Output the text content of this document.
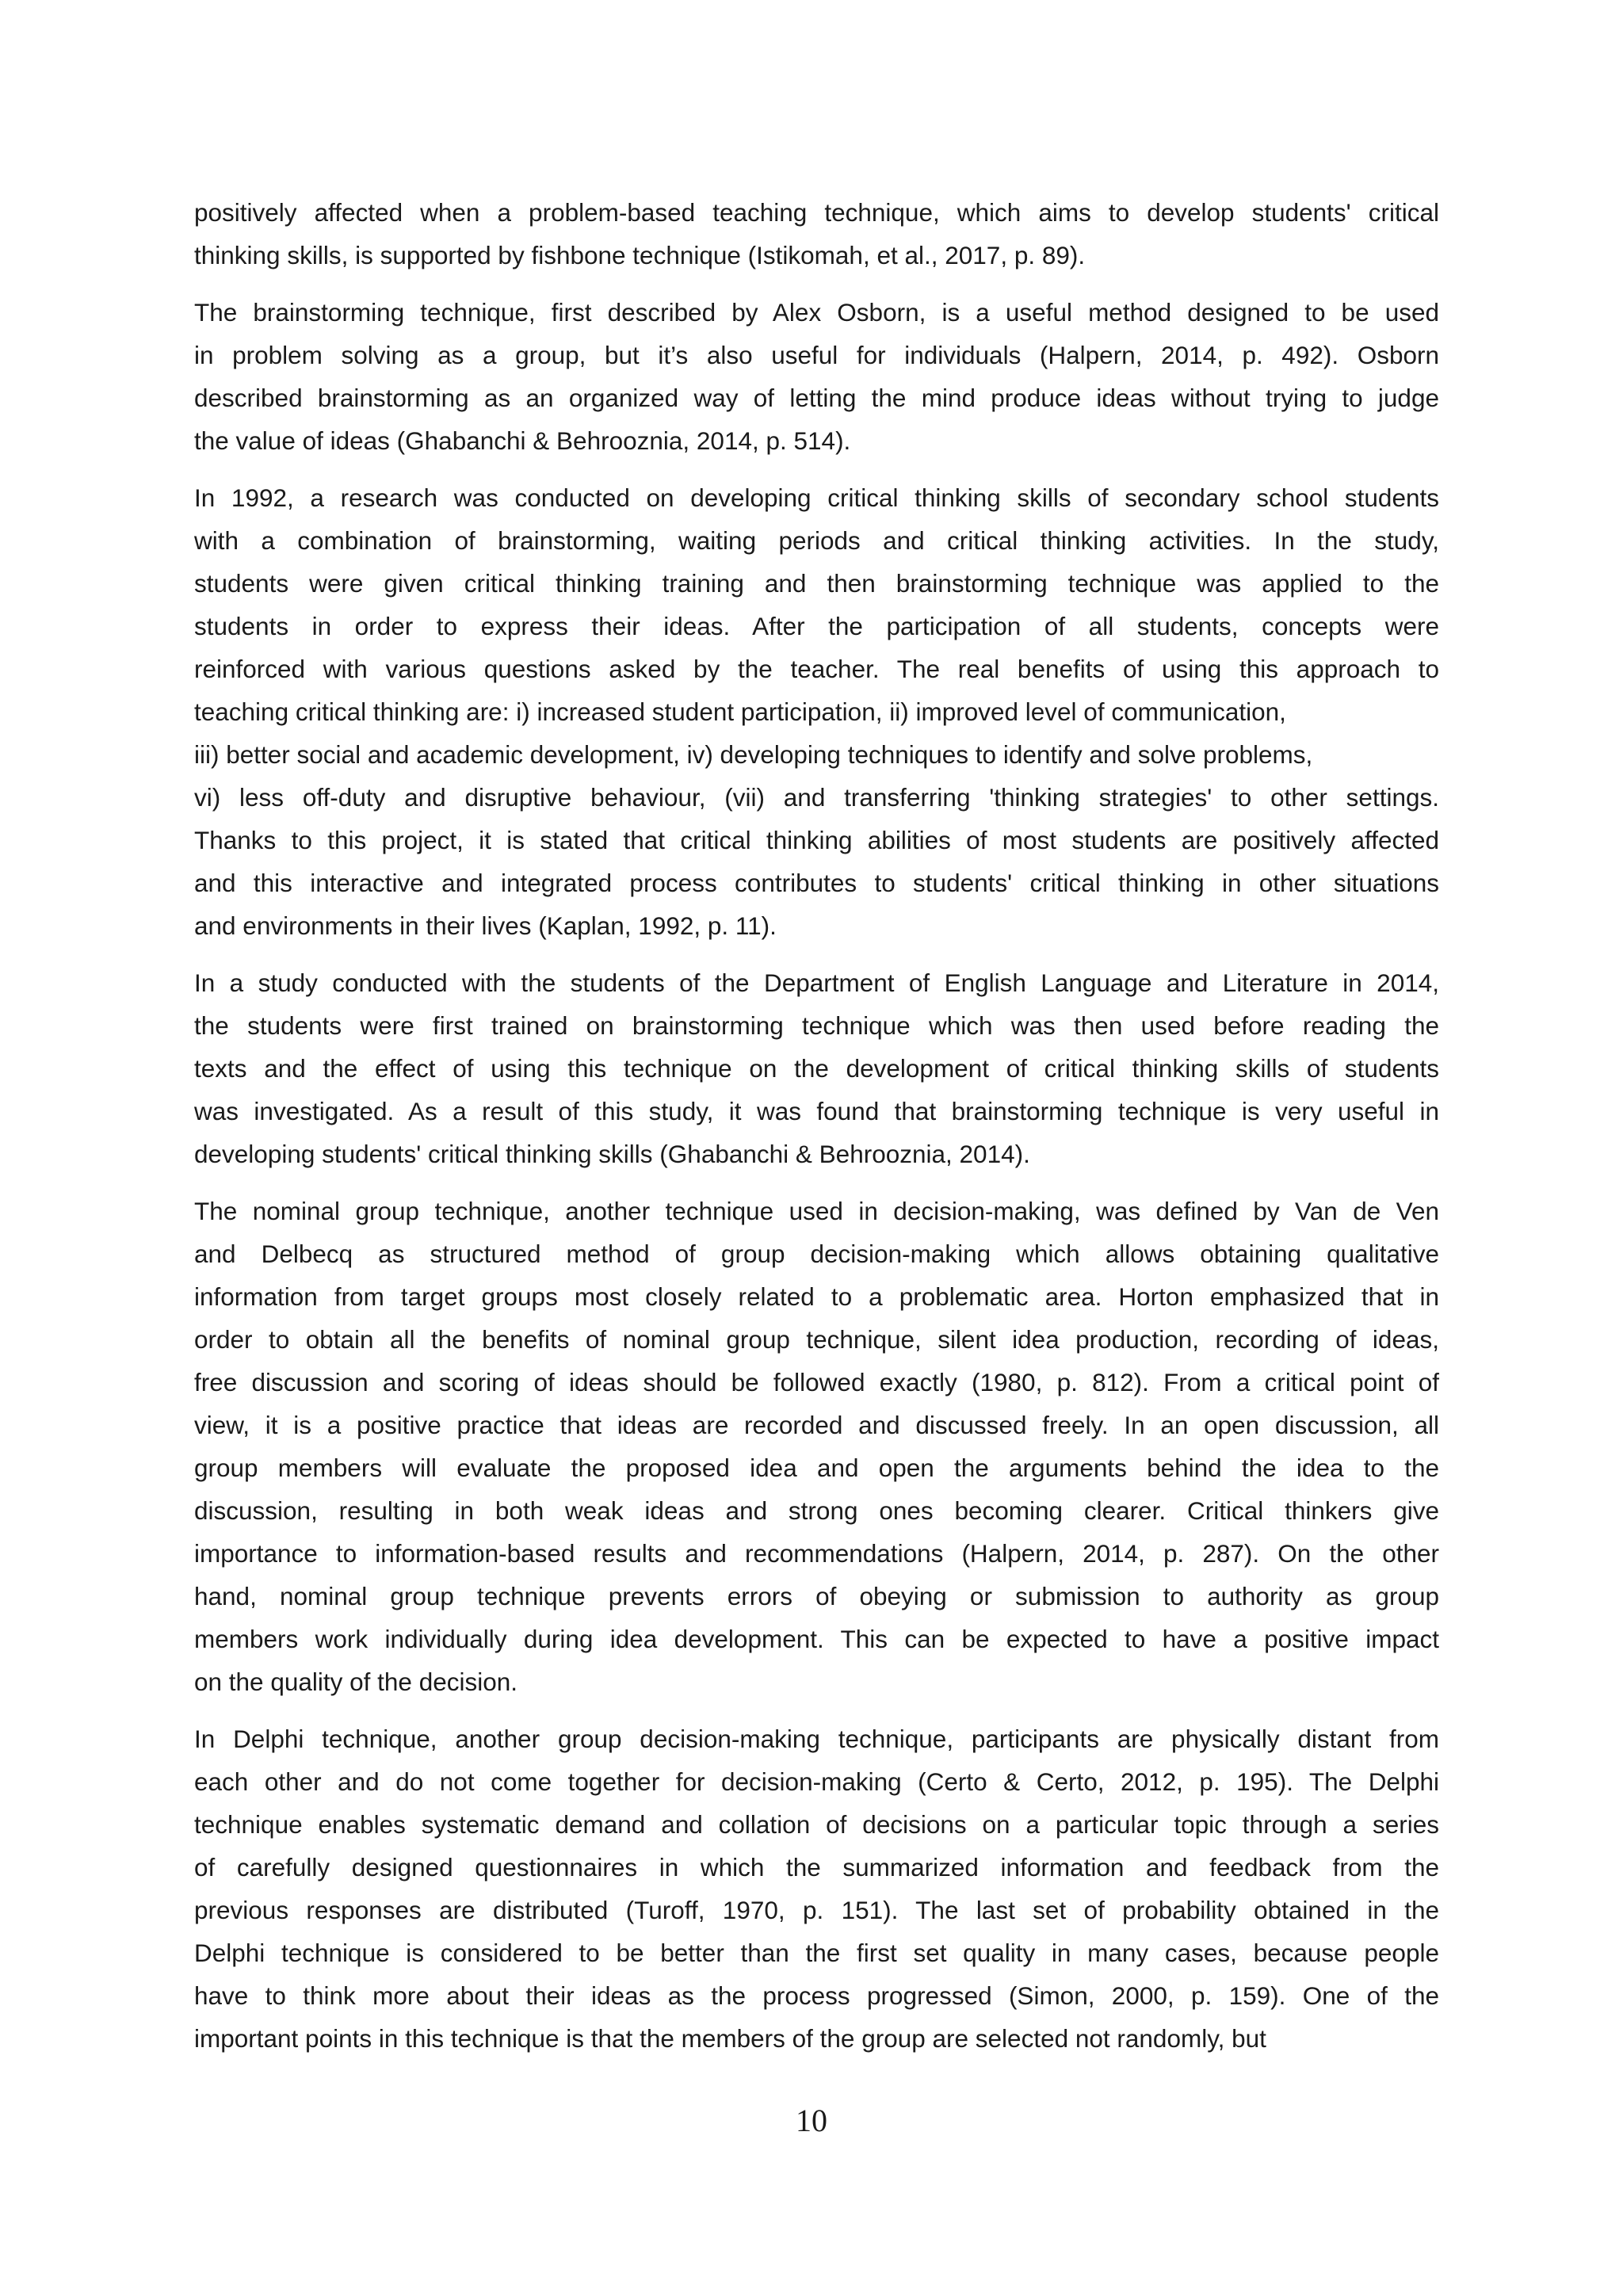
positively affected when a problem-based teaching technique, which aims to develop students' critical
thinking skills, is supported by fishbone technique (Istikomah, et al., 2017, p. 89).

The brainstorming technique, first described by Alex Osborn, is a useful method designed to be used
in problem solving as a group, but it’s also useful for individuals (Halpern, 2014, p. 492). Osborn
described brainstorming as an organized way of letting the mind produce ideas without trying to judge
the value of ideas (Ghabanchi & Behrooznia, 2014, p. 514).

In 1992, a research was conducted on developing critical thinking skills of secondary school students
with a combination of brainstorming, waiting periods and critical thinking activities. In the study,
students were given critical thinking training and then brainstorming technique was applied to the
students in order to express their ideas. After the participation of all students, concepts were
reinforced with various questions asked by the teacher. The real benefits of using this approach to
teaching critical thinking are: i) increased student participation, ii) improved level of communication,
iii) better social and academic development, iv) developing techniques to identify and solve problems,
vi) less off-duty and disruptive behaviour, (vii) and transferring 'thinking strategies' to other settings.
Thanks to this project, it is stated that critical thinking abilities of most students are positively affected
and this interactive and integrated process contributes to students' critical thinking in other situations
and environments in their lives (Kaplan, 1992, p. 11).

In a study conducted with the students of the Department of English Language and Literature in 2014,
the students were first trained on brainstorming technique which was then used before reading the
texts and the effect of using this technique on the development of critical thinking skills of students
was investigated. As a result of this study, it was found that brainstorming technique is very useful in
developing students' critical thinking skills (Ghabanchi & Behrooznia, 2014).

The nominal group technique, another technique used in decision-making, was defined by Van de Ven
and Delbecq as structured method of group decision-making which allows obtaining qualitative
information from target groups most closely related to a problematic area. Horton emphasized that in
order to obtain all the benefits of nominal group technique, silent idea production, recording of ideas,
free discussion and scoring of ideas should be followed exactly (1980, p. 812). From a critical point of
view, it is a positive practice that ideas are recorded and discussed freely. In an open discussion, all
group members will evaluate the proposed idea and open the arguments behind the idea to the
discussion, resulting in both weak ideas and strong ones becoming clearer. Critical thinkers give
importance to information-based results and recommendations (Halpern, 2014, p. 287). On the other
hand, nominal group technique prevents errors of obeying or submission to authority as group
members work individually during idea development. This can be expected to have a positive impact
on the quality of the decision.

In Delphi technique, another group decision-making technique, participants are physically distant from
each other and do not come together for decision-making (Certo & Certo, 2012, p. 195). The Delphi
technique enables systematic demand and collation of decisions on a particular topic through a series
of carefully designed questionnaires in which the summarized information and feedback from the
previous responses are distributed (Turoff, 1970, p. 151). The last set of probability obtained in the
Delphi technique is considered to be better than the first set quality in many cases, because people
have to think more about their ideas as the process progressed (Simon, 2000, p. 159). One of the
important points in this technique is that the members of the group are selected not randomly, but

10
